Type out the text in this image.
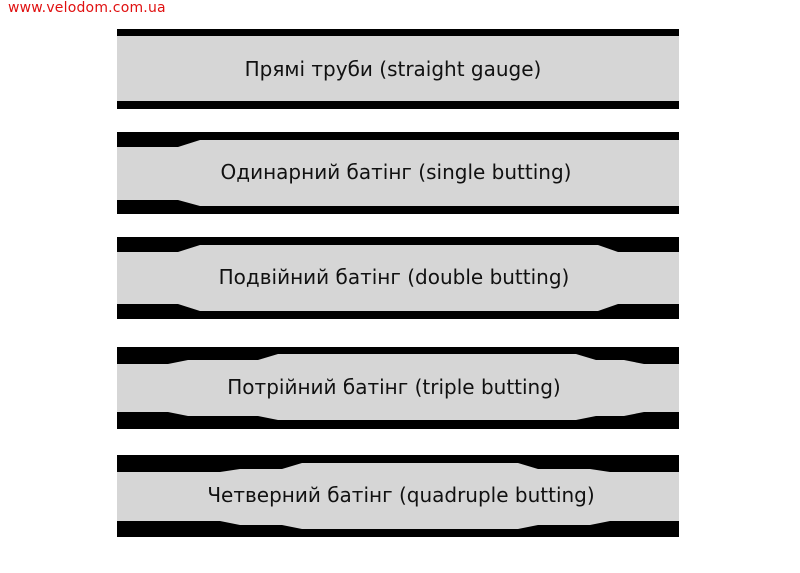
www.velodom.com.ua
Прямі труби (straight gauge)
Одинарний батінг (single butting)
Подвійний батінг (double butting)
Потрійний батінг (triple butting)
Четверний батінг (quadruple butting)
